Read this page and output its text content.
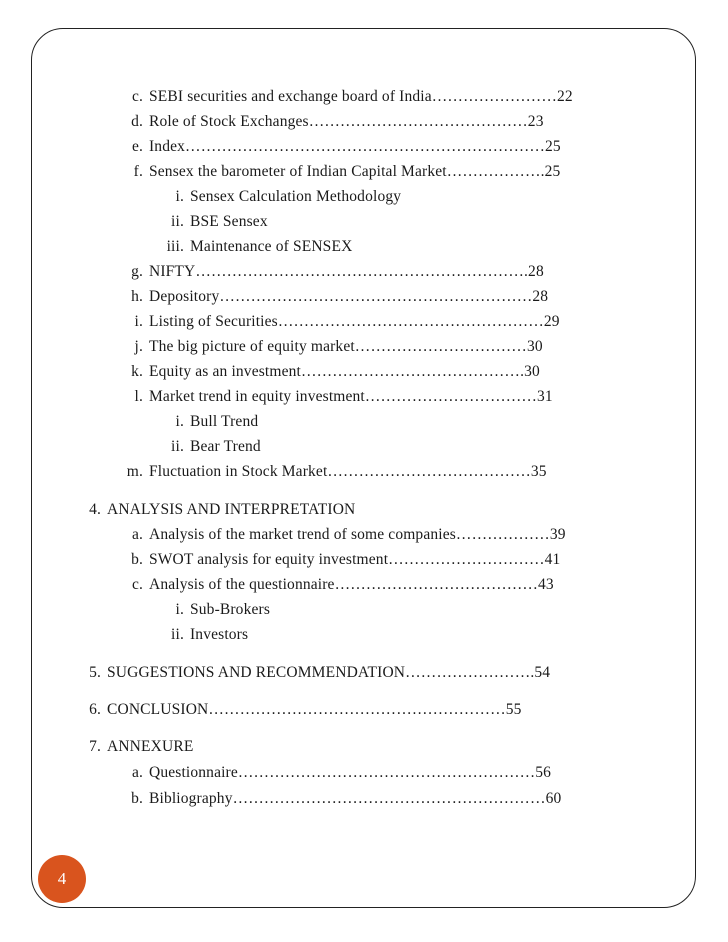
c. SEBI securities and exchange board of India……………………22
d. Role of Stock Exchanges……………………………………23
e. Index……………………………………………………………25
f. Sensex the barometer of Indian Capital Market……………….25
i. Sensex Calculation Methodology
ii. BSE Sensex
iii. Maintenance of SENSEX
g. NIFTY……………………………………………………….28
h. Depository……………………………………………………28
i. Listing of Securities……………………………………………29
j. The big picture of equity market……………………………30
k. Equity as an investment…………………………………….30
l. Market trend in equity investment……………………………31
i. Bull Trend
ii. Bear Trend
m. Fluctuation in Stock Market…………………………………35
4. ANALYSIS AND INTERPRETATION
a. Analysis of the market trend of some companies………………39
b. SWOT analysis for equity investment…………………………41
c. Analysis of the questionnaire…………………………………43
i. Sub-Brokers
ii. Investors
5. SUGGESTIONS AND RECOMMENDATION…………………….54
6. CONCLUSION…………………………………………………55
7. ANNEXURE
a. Questionnaire…………………………………………………56
b. Bibliography……………………………………………………60
4
